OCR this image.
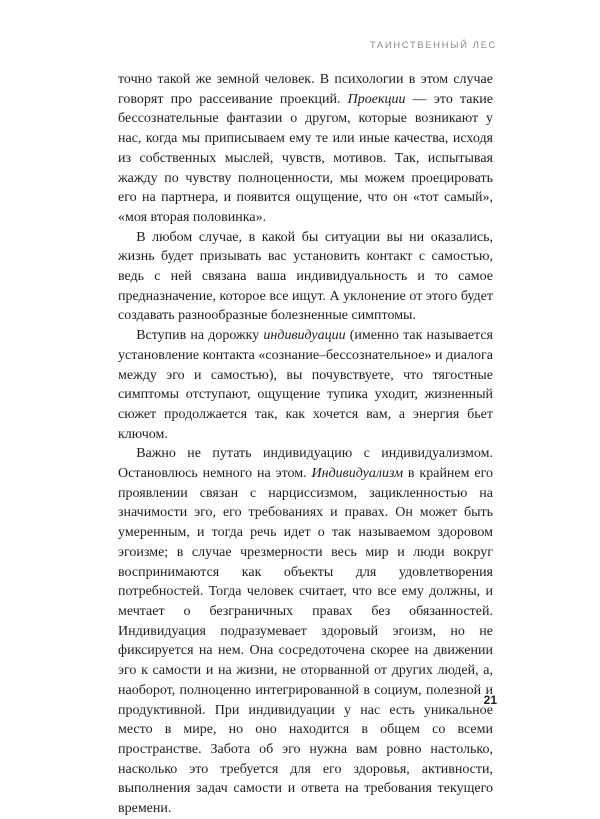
ТАИНСТВЕННЫЙ ЛЕС

точно такой же земной человек. В психологии в этом случае говорят про рассеивание проекций. Проекции — это такие бессознательные фантазии о другом, которые возникают у нас, когда мы приписываем ему те или иные качества, исходя из собственных мыслей, чувств, мотивов. Так, испытывая жажду по чувству полноценности, мы можем проецировать его на партнера, и появится ощущение, что он «тот самый», «моя вторая половинка».

В любом случае, в какой бы ситуации вы ни оказались, жизнь будет призывать вас установить контакт с самостью, ведь с ней связана ваша индивидуальность и то самое предназначение, которое все ищут. А уклонение от этого будет создавать разнообразные болезненные симптомы.

Вступив на дорожку индивидуации (именно так называется установление контакта «сознание–бессознательное» и диалога между эго и самостью), вы почувствуете, что тягостные симптомы отступают, ощущение тупика уходит, жизненный сюжет продолжается так, как хочется вам, а энергия бьет ключом.

Важно не путать индивидуацию с индивидуализмом. Остановлюсь немного на этом. Индивидуализм в крайнем его проявлении связан с нарциссизмом, зацикленностью на значимости эго, его требованиях и правах. Он может быть умеренным, и тогда речь идет о так называемом здоровом эгоизме; в случае чрезмерности весь мир и люди вокруг воспринимаются как объекты для удовлетворения потребностей. Тогда человек считает, что все ему должны, и мечтает о безграничных правах без обязанностей. Индивидуация подразумевает здоровый эгоизм, но не фиксируется на нем. Она сосредоточена скорее на движении эго к самости и на жизни, не оторванной от других людей, а, наоборот, полноценно интегрированной в социум, полезной и продуктивной. При индивидуации у нас есть уникальное место в мире, но оно находится в общем со всеми пространстве. Забота об эго нужна вам ровно настолько, насколько это требуется для его здоровья, активности, выполнения задач самости и ответа на требования текущего времени.

21
